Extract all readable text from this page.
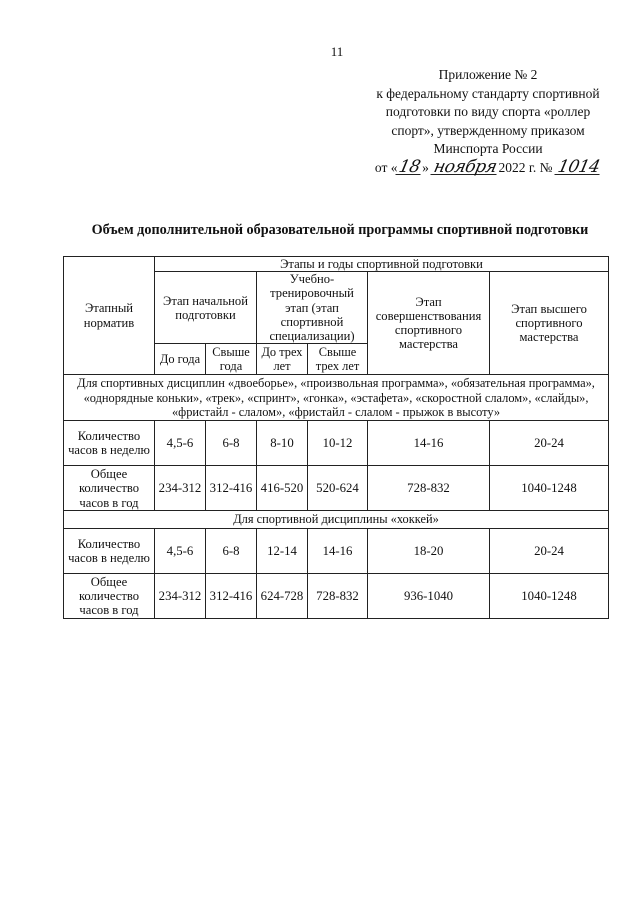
11
Приложение № 2
к федеральному стандарту спортивной
подготовки по виду спорта «роллер
спорт», утвержденному приказом
Минспорта России
от «18» ноября2022 г. № 1014
Объем дополнительной образовательной программы спортивной подготовки
Этапный норматив	Этапы и годы спортивной подготовки					
	Этап начальной подготовки		Учебно-тренировочный этап (этап спортивной специализации)		Этап совершенствования спортивного мастерства	Этап высшего спортивного мастерства
	До года	Свыше года	До трех лет	Свыше трех лет		
Для спортивных дисциплин «двоеборье», «произвольная программа», «обязательная программа», «однорядные коньки», «трек», «спринт», «гонка», «эстафета», «скоростной слалом», «слайды», «фристайл - слалом», «фристайл - слалом - прыжок в высоту»						
Количество часов в неделю	4,5-6	6-8	8-10	10-12	14-16	20-24
Общее количество часов в год	234-312	312-416	416-520	520-624	728-832	1040-1248
Для спортивной дисциплины «хоккей»						
Количество часов в неделю	4,5-6	6-8	12-14	14-16	18-20	20-24
Общее количество часов в год	234-312	312-416	624-728	728-832	936-1040	1040-1248
